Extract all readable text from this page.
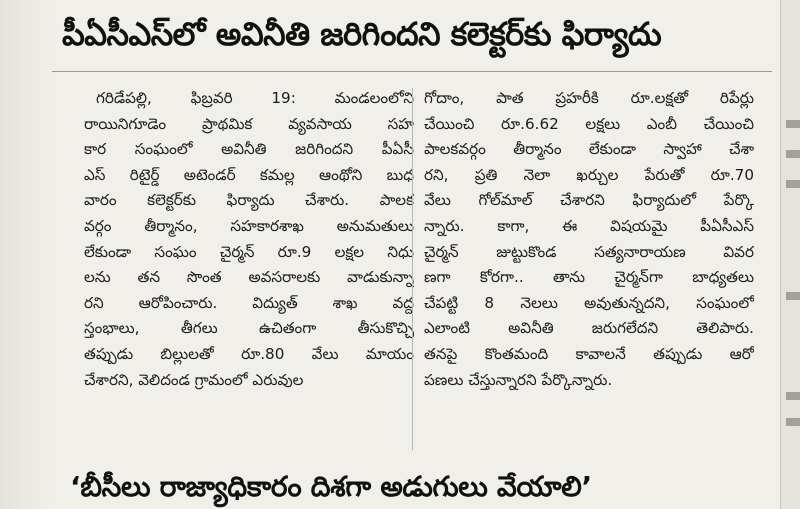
పీఏసీఎస్‌లో అవినీతి జరిగిందని కలెక్టర్‌కు ఫిర్యాదు
గరిడేపల్లి, ఫిబ్రవరి 19: మండలంలోని
రాయినిగూడెం ప్రాథమిక వ్యవసాయ సహ
కార సంఘంలో అవినీతి జరిగిందని పీఏసీ
ఎస్ రిటైర్డ్ అటెండర్ కమల్ల ఆంథోని బుధ
వారం కలెక్టర్‌కు ఫిర్యాదు చేశారు. పాలక
వర్గం తీర్మానం, సహకారశాఖ అనుమతులు
లేకుండా సంఘం చైర్మన్ రూ.9 లక్షల నిధు
లను తన సొంత అవసరాలకు వాడుకున్నా
రని ఆరోపించారు. విద్యుత్ శాఖ వద్ద
స్తంభాలు, తీగలు ఉచితంగా తీసుకొచ్చి
తప్పుడు బిల్లులతో రూ.80 వేలు మాయం
చేశారని, వెలిదండ గ్రామంలో ఎరువుల
గోదాం, పాత ప్రహరీకి రూ.లక్షతో రిపేర్లు
చేయించి రూ.6.62 లక్షలు ఎంబీ చేయించి
పాలకవర్గం తీర్మానం లేకుండా స్వాహా చేశా
రని, ప్రతి నెలా ఖర్చుల పేరుతో రూ.70
వేలు గోల్‌మాల్ చేశారని ఫిర్యాదులో పేర్కొ
న్నారు. కాగా, ఈ విషయమై పీఏసీఎస్
చైర్మన్ జుట్టుకొండ సత్యనారాయణ వివర
ణగా కోరగా.. తాను చైర్మన్‌గా బాధ్యతలు
చేపట్టి 8 నెలలు అవుతున్నదని, సంఘంలో
ఎలాంటి అవినీతి జరుగలేదని తెలిపారు.
తనపై కొంతమంది కావాలనే తప్పుడు ఆరో
పణలు చేస్తున్నారని పేర్కొన్నారు.
‘బీసీలు రాజ్యాధికారం దిశగా అడుగులు వేయాలి’
